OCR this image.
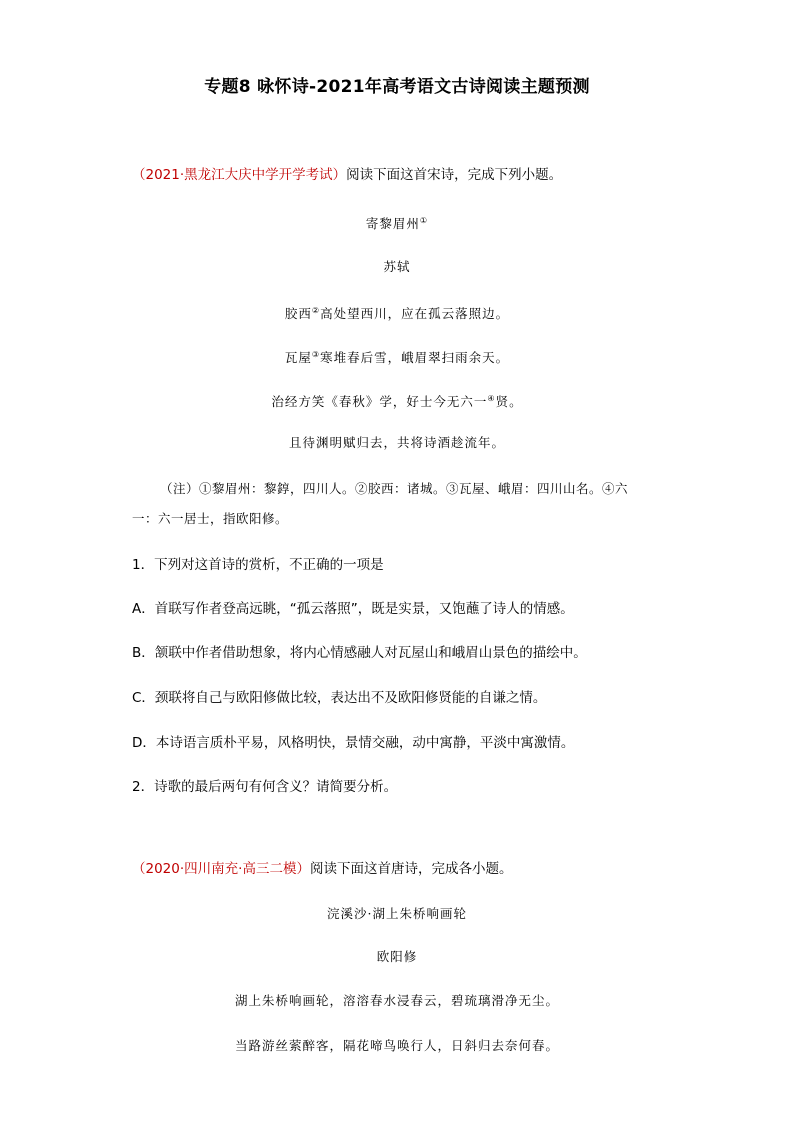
专题8 咏怀诗-2021年高考语文古诗阅读主题预测
（2021·黑龙江大庆中学开学考试）阅读下面这首宋诗，完成下列小题。
寄黎眉州①
苏轼
胶西②高处望西川，应在孤云落照边。
瓦屋③寒堆春后雪，峨眉翠扫雨余天。
治经方笑《春秋》学，好士今无六一④贤。
且待渊明赋归去，共将诗酒趁流年。
（注）①黎眉州：黎錞，四川人。②胶西：诸城。③瓦屋、峨眉：四川山名。④六
一：六一居士，指欧阳修。
1．下列对这首诗的赏析，不正确的一项是
A．首联写作者登高远眺，“孤云落照”，既是实景，又饱蘸了诗人的情感。
B．颔联中作者借助想象，将内心情感融人对瓦屋山和峨眉山景色的描绘中。
C．颈联将自己与欧阳修做比较，表达出不及欧阳修贤能的自谦之情。
D．本诗语言质朴平易，风格明快，景情交融，动中寓静，平淡中寓激情。
2．诗歌的最后两句有何含义？请简要分析。
（2020·四川南充·高三二模）阅读下面这首唐诗，完成各小题。
浣溪沙·湖上朱桥响画轮
欧阳修
湖上朱桥响画轮，溶溶春水浸春云，碧琉璃滑净无尘。
当路游丝萦醉客，隔花啼鸟唤行人，日斜归去奈何春。
